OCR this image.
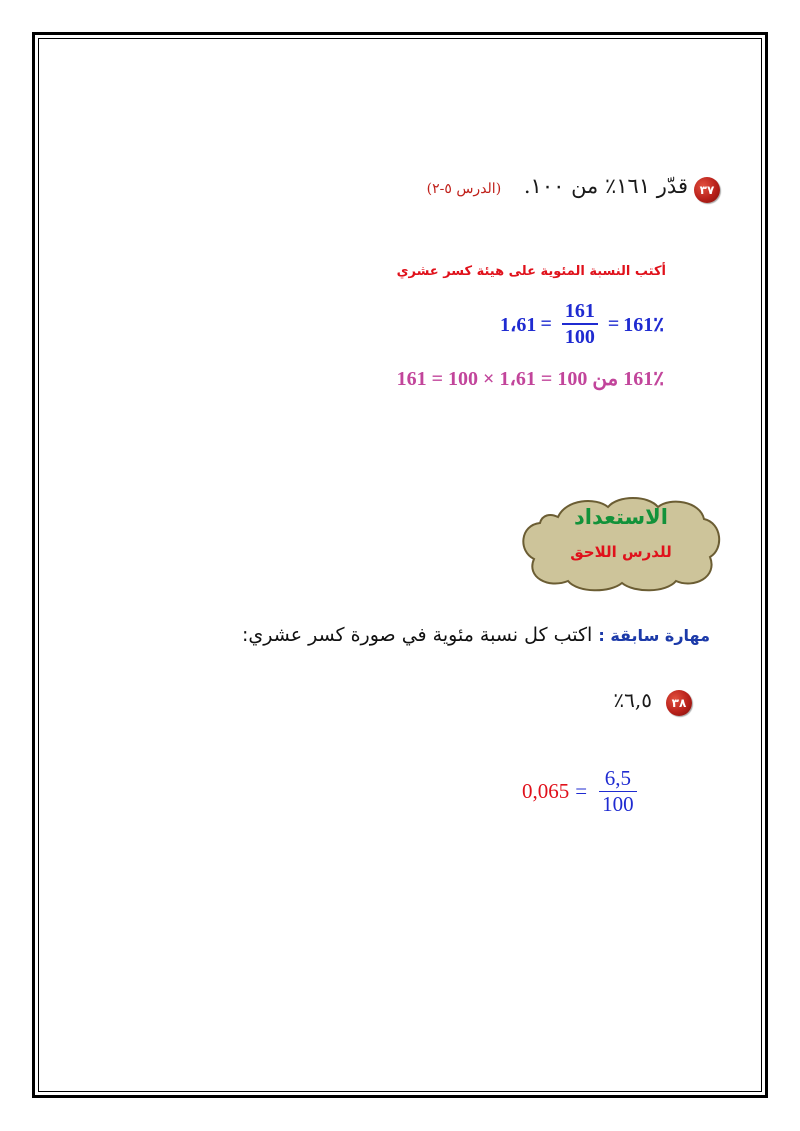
٣٧
قدّر ١٦١٪ من ١٠٠. (الدرس ٥-٢)
أكتب النسبة المئوية على هيئة كسر عشري
1،61 = $\frac{161}{100}$ = 161٪
161٪ من 100 = 1،61 × 100 = 161
الاستعداد
للدرس اللاحق
مهارة سابقة : اكتب كل نسبة مئوية في صورة كسر عشري:
٣٨
٦,٥٪
$0,065 = \frac{6,5}{100}$
